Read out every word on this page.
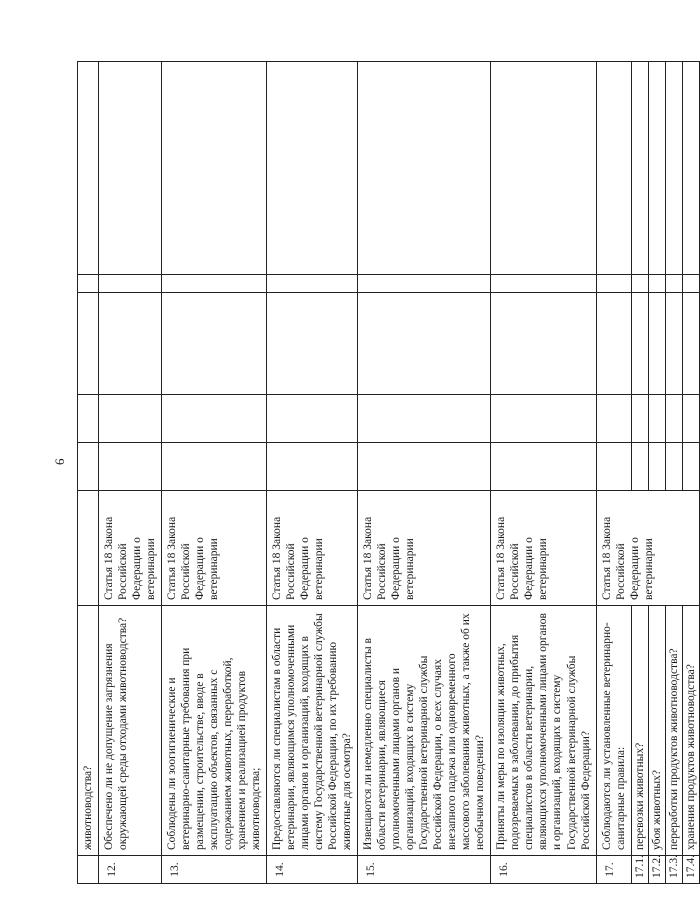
6
	животноводства?						
12.	Обеспечено ли не допущение загрязнения окружающей среды отходами животноводства?	Статья 18 Закона Российской Федерации о ветеринарии					
13.	Соблюдены ли зоогигиенические и ветеринарно-санитарные требования при размещении, строительстве, вводе в эксплуатацию объектов, связанных с содержанием животных, переработкой, хранением и реализацией продуктов животноводства;	Статья 18 Закона Российской Федерации о ветеринарии					
14.	Предоставляются ли специалистам в области ветеринарии, являющимся уполномоченными лицами органов и организаций, входящих в систему Государственной ветеринарной службы Российской Федерации, по их требованию животные для осмотра?	Статья 18 Закона Российской Федерации о ветеринарии					
15.	Извещаются ли немедленно специалисты в области ветеринарии, являющиеся уполномоченными лицами органов и организаций, входящих в систему Государственной ветеринарной службы Российской Федерации, о всех случаях внезапного падежа или одновременного массового заболевания животных, а также об их необычном поведении?	Статья 18 Закона Российской Федерации о ветеринарии					
16.	Приняты ли меры по изоляции животных, подозреваемых в заболевании, до прибытия специалистов в области ветеринарии, являющихся уполномоченными лицами органов и организаций, входящих в систему Государственной ветеринарной службы Российской Федерации?	Статья 18 Закона Российской Федерации о ветеринарии					
17.	Соблюдаются ли установленные ветеринарно-санитарные правила:	Статья 18 Закона Российской Федерации о ветеринарии					
17.1.	перевозки животных?						
17.2.	убоя животных?						
17.3.	переработки продуктов животноводства?						
17.4.	хранения продуктов животноводства?						
